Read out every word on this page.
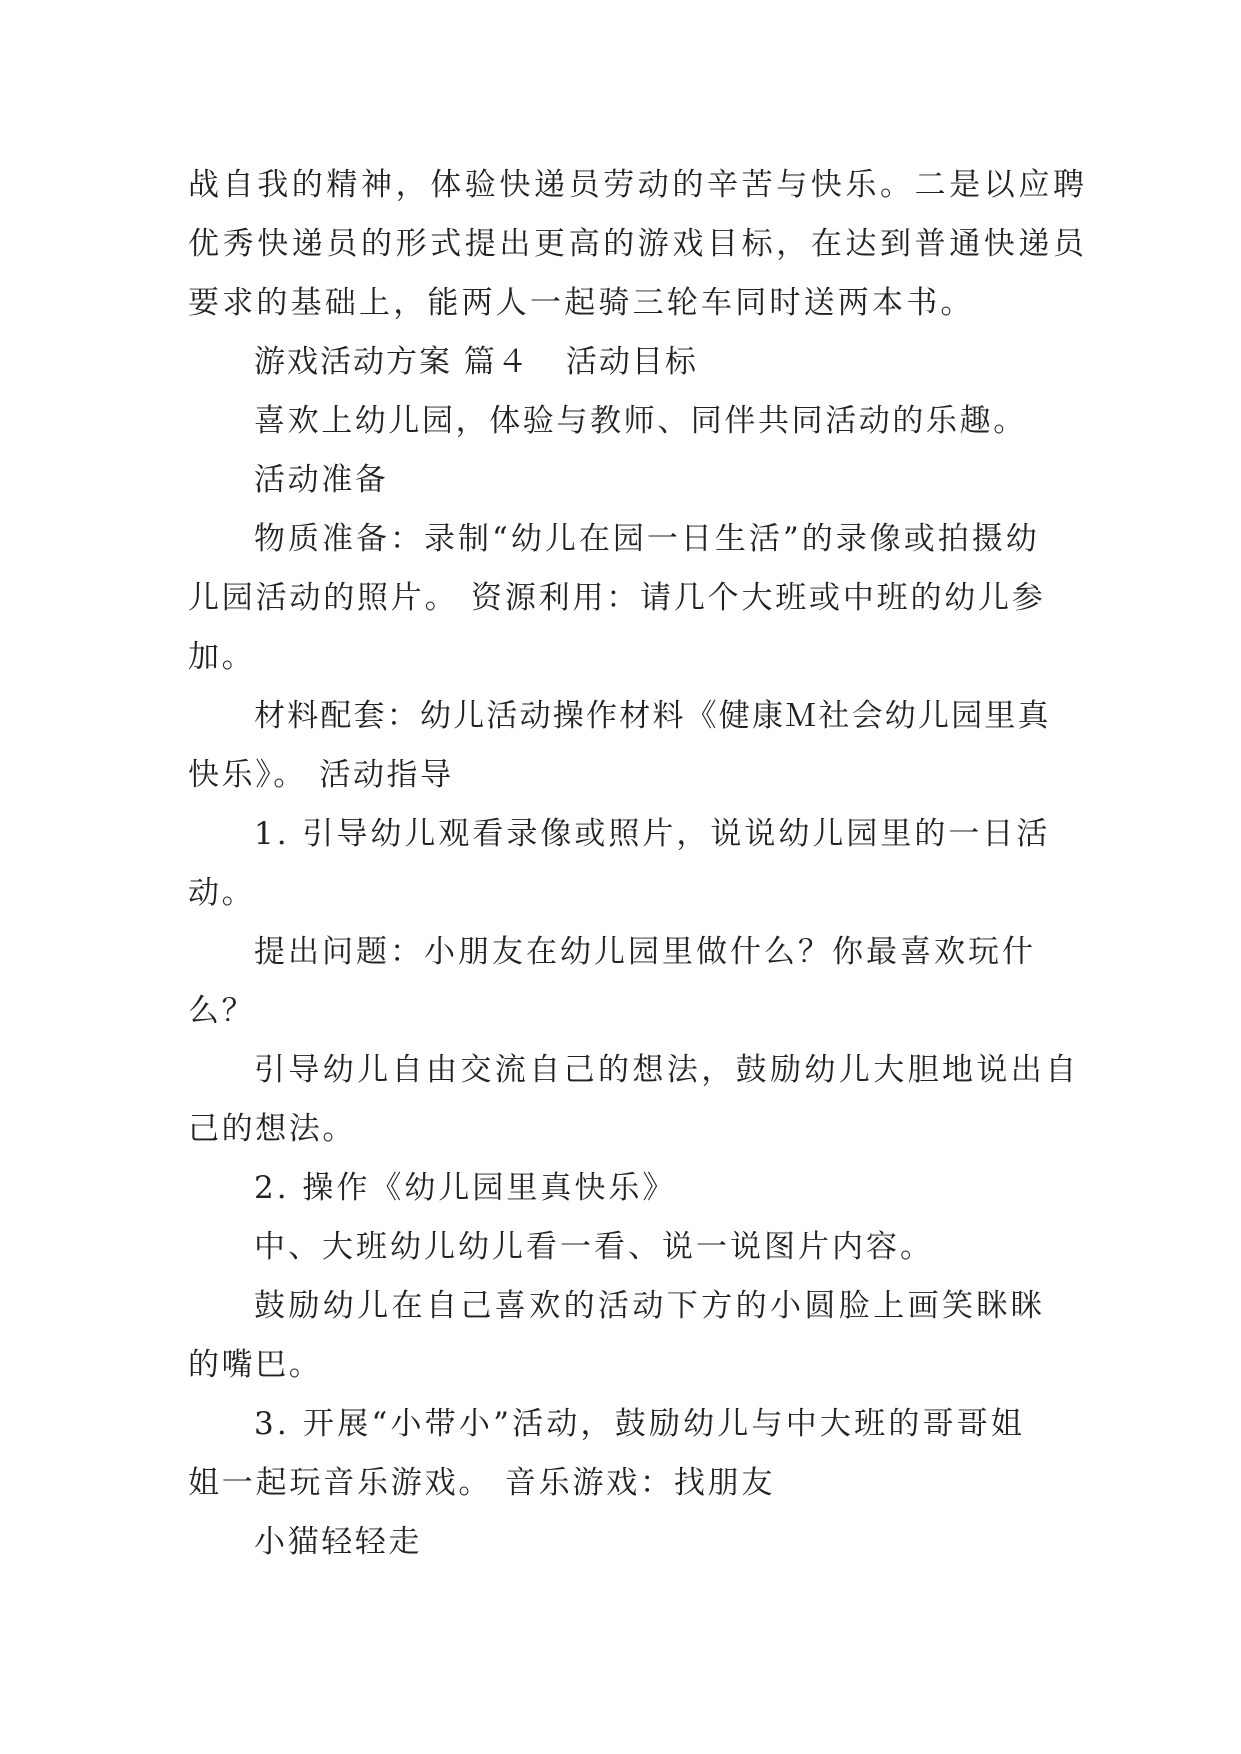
战自我的精神，体验快递员劳动的辛苦与快乐。二是以应聘
优秀快递员的形式提出更高的游戏目标，在达到普通快递员
要求的基础上，能两人一起骑三轮车同时送两本书。
游戏活动方案 篇４ 活动目标
喜欢上幼儿园，体验与教师、同伴共同活动的乐趣。
活动准备
物质准备：录制“幼儿在园一日生活”的录像或拍摄幼
儿园活动的照片。 资源利用：请几个大班或中班的幼儿参
加。
材料配套：幼儿活动操作材料《健康Ｍ社会幼儿园里真
快乐》。 活动指导
1. 引导幼儿观看录像或照片，说说幼儿园里的一日活
动。
提出问题：小朋友在幼儿园里做什么？你最喜欢玩什
么？
引导幼儿自由交流自己的想法，鼓励幼儿大胆地说出自
己的想法。
2. 操作《幼儿园里真快乐》
中、大班幼儿幼儿看一看、说一说图片内容。
鼓励幼儿在自己喜欢的活动下方的小圆脸上画笑眯眯
的嘴巴。
3. 开展“小带小”活动，鼓励幼儿与中大班的哥哥姐
姐一起玩音乐游戏。 音乐游戏：找朋友
小猫轻轻走
